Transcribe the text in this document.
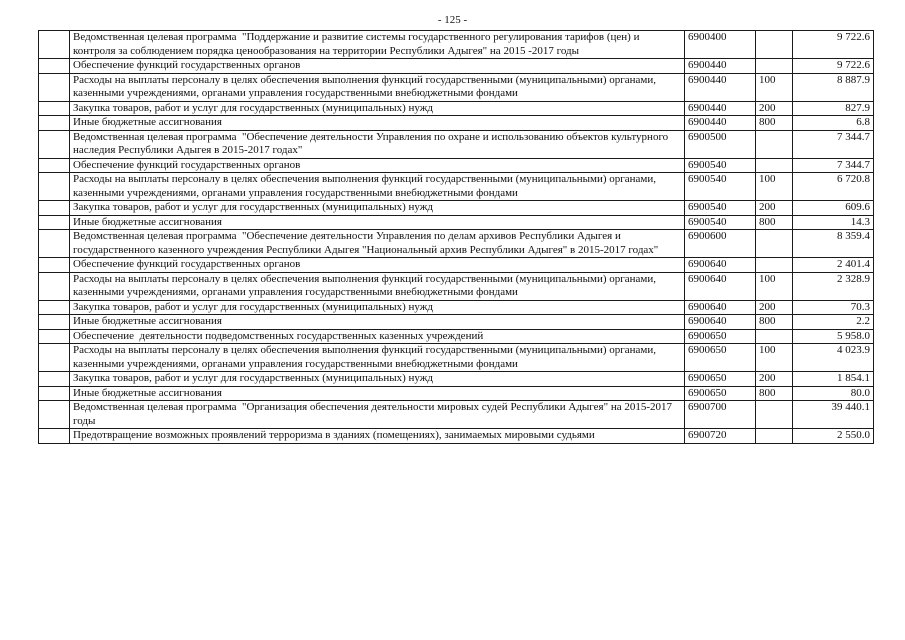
- 125 -
	Ведомственная целевая программа  "Поддержание и развитие системы государственного регулирования тарифов (цен) и контроля за соблюдением порядка ценообразования на территории Республики Адыгея" на 2015 -2017 годы	6900400		9 722.6
	Обеспечение функций государственных органов	6900440		9 722.6
	Расходы на выплаты персоналу в целях обеспечения выполнения функций государственными (муниципальными) органами, казенными учреждениями, органами управления государственными внебюджетными фондами	6900440	100	8 887.9
	Закупка товаров, работ и услуг для государственных (муниципальных) нужд	6900440	200	827.9
	Иные бюджетные ассигнования	6900440	800	6.8
	Ведомственная целевая программа  "Обеспечение деятельности Управления по охране и использованию объектов культурного наследия Республики Адыгея в 2015-2017 годах"	6900500		7 344.7
	Обеспечение функций государственных органов	6900540		7 344.7
	Расходы на выплаты персоналу в целях обеспечения выполнения функций государственными (муниципальными) органами, казенными учреждениями, органами управления государственными внебюджетными фондами	6900540	100	6 720.8
	Закупка товаров, работ и услуг для государственных (муниципальных) нужд	6900540	200	609.6
	Иные бюджетные ассигнования	6900540	800	14.3
	Ведомственная целевая программа  "Обеспечение деятельности Управления по делам архивов Республики Адыгея и государственного казенного учреждения Республики Адыгея "Национальный архив Республики Адыгея" в 2015-2017 годах"	6900600		8 359.4
	Обеспечение функций государственных органов	6900640		2 401.4
	Расходы на выплаты персоналу в целях обеспечения выполнения функций государственными (муниципальными) органами, казенными учреждениями, органами управления государственными внебюджетными фондами	6900640	100	2 328.9
	Закупка товаров, работ и услуг для государственных (муниципальных) нужд	6900640	200	70.3
	Иные бюджетные ассигнования	6900640	800	2.2
	Обеспечение  деятельности подведомственных государственных казенных учреждений	6900650		5 958.0
	Расходы на выплаты персоналу в целях обеспечения выполнения функций государственными (муниципальными) органами, казенными учреждениями, органами управления государственными внебюджетными фондами	6900650	100	4 023.9
	Закупка товаров, работ и услуг для государственных (муниципальных) нужд	6900650	200	1 854.1
	Иные бюджетные ассигнования	6900650	800	80.0
	Ведомственная целевая программа  "Организация обеспечения деятельности мировых судей Республики Адыгея" на 2015-2017 годы	6900700		39 440.1
	Предотвращение возможных проявлений терроризма в зданиях (помещениях), занимаемых мировыми судьями	6900720		2 550.0
